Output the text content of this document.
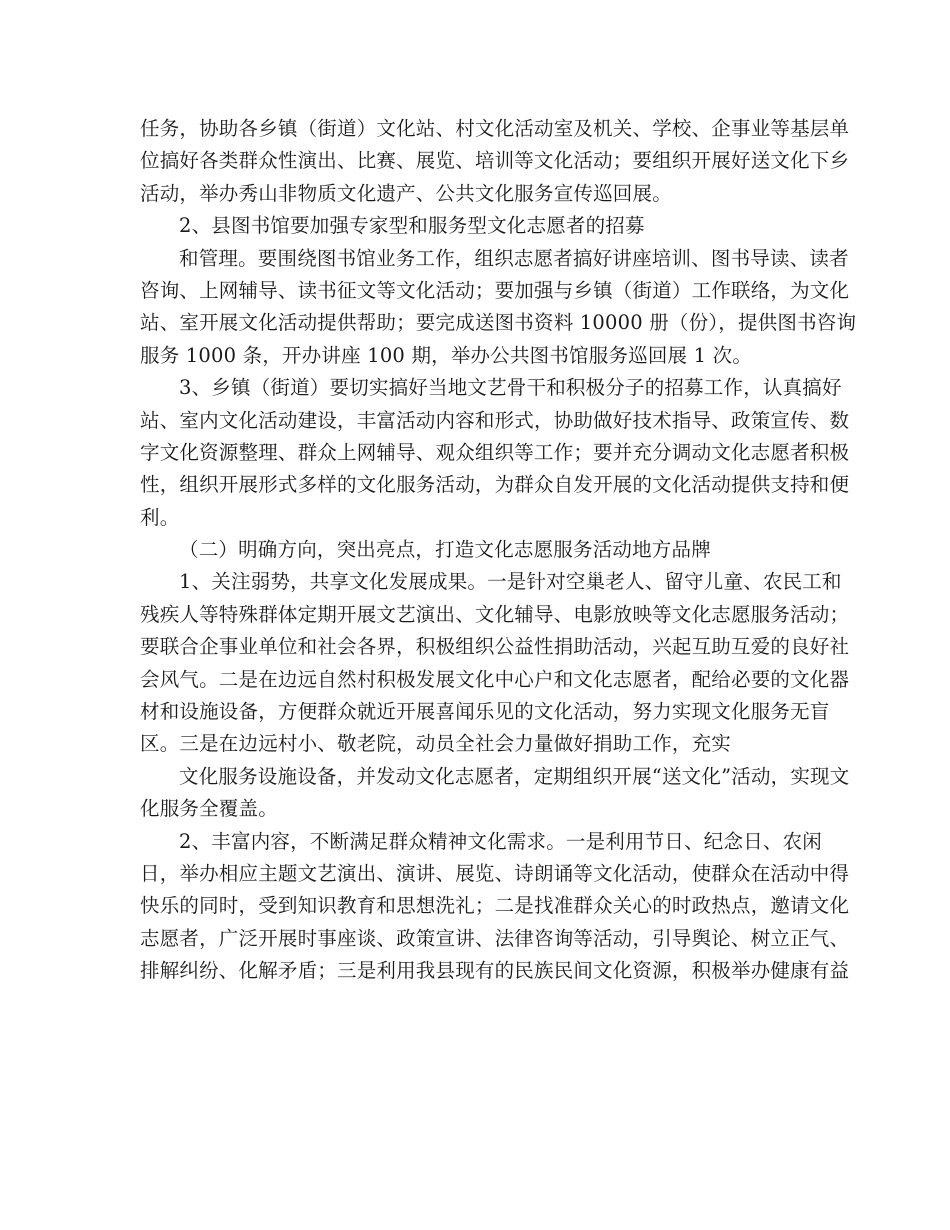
任务，协助各乡镇（街道）文化站、村文化活动室及机关、学校、企事业等基层单
位搞好各类群众性演出、比赛、展览、培训等文化活动；要组织开展好送文化下乡
活动，举办秀山非物质文化遗产、公共文化服务宣传巡回展。
2、县图书馆要加强专家型和服务型文化志愿者的招募
和管理。要围绕图书馆业务工作，组织志愿者搞好讲座培训、图书导读、读者
咨询、上网辅导、读书征文等文化活动；要加强与乡镇（街道）工作联络，为文化
站、室开展文化活动提供帮助；要完成送图书资料 10000 册（份），提供图书咨询
服务 1000 条，开办讲座 100 期，举办公共图书馆服务巡回展 1 次。
3、乡镇（街道）要切实搞好当地文艺骨干和积极分子的招募工作，认真搞好
站、室内文化活动建设，丰富活动内容和形式，协助做好技术指导、政策宣传、数
字文化资源整理、群众上网辅导、观众组织等工作；要并充分调动文化志愿者积极
性，组织开展形式多样的文化服务活动，为群众自发开展的文化活动提供支持和便
利。
（二）明确方向，突出亮点，打造文化志愿服务活动地方品牌
1、关注弱势，共享文化发展成果。一是针对空巢老人、留守儿童、农民工和
残疾人等特殊群体定期开展文艺演出、文化辅导、电影放映等文化志愿服务活动；
要联合企事业单位和社会各界，积极组织公益性捐助活动，兴起互助互爱的良好社
会风气。二是在边远自然村积极发展文化中心户和文化志愿者，配给必要的文化器
材和设施设备，方便群众就近开展喜闻乐见的文化活动，努力实现文化服务无盲
区。三是在边远村小、敬老院，动员全社会力量做好捐助工作，充实
文化服务设施设备，并发动文化志愿者，定期组织开展“送文化”活动，实现文
化服务全覆盖。
2、丰富内容，不断满足群众精神文化需求。一是利用节日、纪念日、农闲
日，举办相应主题文艺演出、演讲、展览、诗朗诵等文化活动，使群众在活动中得
快乐的同时，受到知识教育和思想洗礼；二是找准群众关心的时政热点，邀请文化
志愿者，广泛开展时事座谈、政策宣讲、法律咨询等活动，引导舆论、树立正气、
排解纠纷、化解矛盾；三是利用我县现有的民族民间文化资源，积极举办健康有益
